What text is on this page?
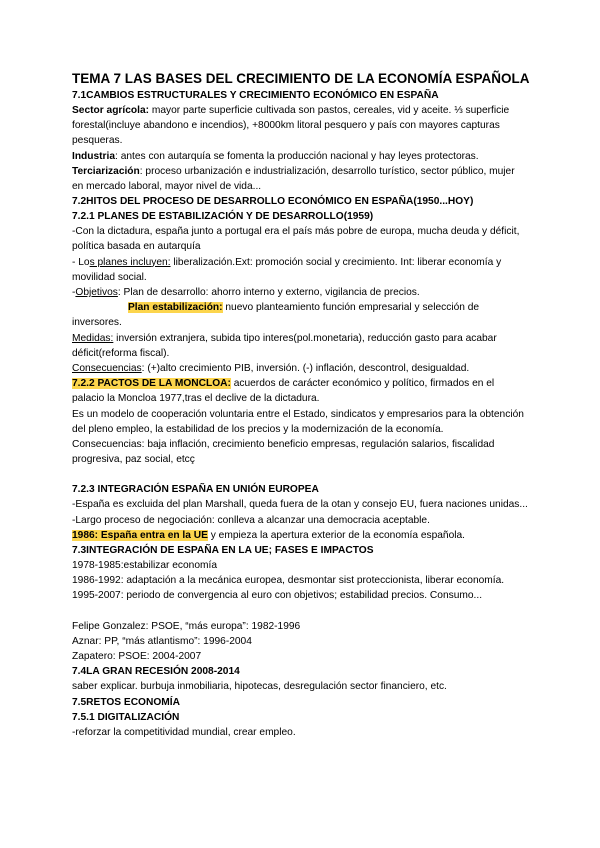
TEMA 7 LAS BASES DEL CRECIMIENTO DE LA ECONOMÍA ESPAÑOLA
7.1CAMBIOS ESTRUCTURALES Y CRECIMIENTO ECONÓMICO EN ESPAÑA

Sector agrícola: mayor parte superficie cultivada son pastos, cereales, vid y aceite. ⅓ superficie forestal(incluye abandono e incendios), +8000km litoral pesquero y país con mayores capturas pesqueras.

Industria: antes con autarquía se fomenta la producción nacional y hay leyes protectoras.

Terciarización: proceso urbanización e industrialización, desarrollo turístico, sector público, mujer en mercado laboral, mayor nivel de vida...

7.2HITOS DEL PROCESO DE DESARROLLO ECONÓMICO EN ESPAÑA(1950...HOY)
7.2.1 PLANES DE ESTABILIZACIÓN Y DE DESARROLLO(1959)

-Con la dictadura, españa junto a portugal era el país más pobre de europa, mucha deuda y déficit, política basada en autarquía

- Los planes incluyen: liberalización.Ext: promoción social y crecimiento. Int: liberar economía y movilidad social.

-Objetivos: Plan de desarrollo: ahorro interno y externo, vigilancia de precios.

Plan estabilización: nuevo planteamiento función empresarial y selección de inversores.

Medidas: inversión extranjera, subida tipo interes(pol.monetaria), reducción gasto para acabar déficit(reforma fiscal).

Consecuencias: (+)alto crecimiento PIB, inversión. (-) inflación, descontrol, desigualdad.

7.2.2 PACTOS DE LA MONCLOA: acuerdos de carácter económico y político, firmados en el palacio la Moncloa 1977,tras el declive de la dictadura.

Es un modelo de cooperación voluntaria entre el Estado, sindicatos y empresarios para la obtención del pleno empleo, la estabilidad de los precios y la modernización de la economía.

Consecuencias: baja inflación, crecimiento beneficio empresas, regulación salarios, fiscalidad progresiva, paz social, etcç

7.2.3 INTEGRACIÓN ESPAÑA EN UNIÓN EUROPEA

-España es excluida del plan Marshall, queda fuera de la otan y consejo EU, fuera naciones unidas...

-Largo proceso de negociación: conlleva a alcanzar una democracia aceptable.

1986: España entra en la UE y empieza la apertura exterior de la economía española.

7.3INTEGRACIÓN DE ESPAÑA EN LA UE; FASES E IMPACTOS

1978-1985:estabilizar economía

1986-1992: adaptación a la mecánica europea, desmontar sist proteccionista, liberar economía.

1995-2007: periodo de convergencia al euro con objetivos; estabilidad precios. Consumo...

Felipe Gonzalez: PSOE, “más europa”: 1982-1996

Aznar: PP, “más atlantismo”: 1996-2004

Zapatero: PSOE: 2004-2007

7.4LA GRAN RECESIÓN 2008-2014

saber explicar. burbuja inmobiliaria, hipotecas, desregulación sector financiero, etc.

7.5RETOS ECONOMÍA
7.5.1 DIGITALIZACIÓN

-reforzar la competitividad mundial, crear empleo.
